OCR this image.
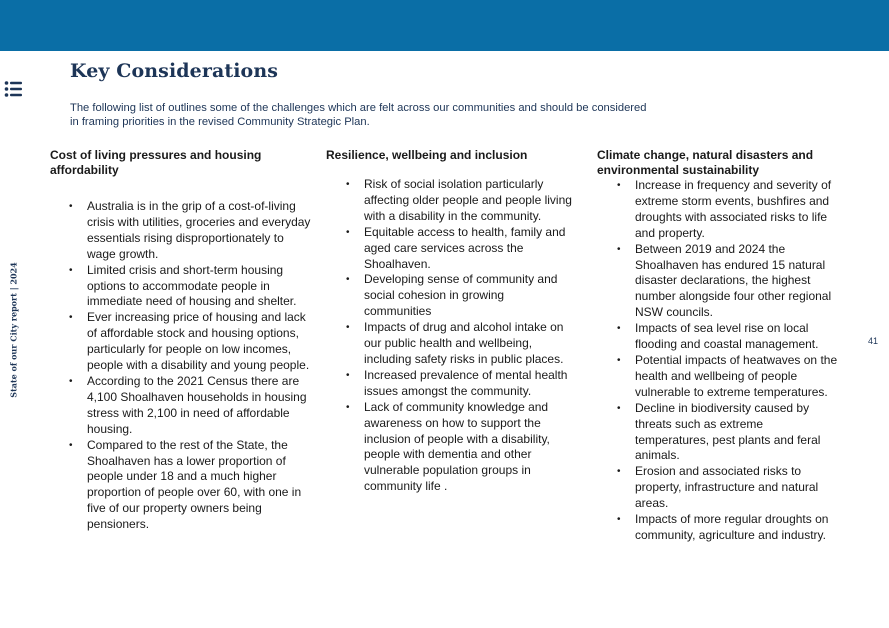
Key Considerations

The following list of outlines some of the challenges which are felt across our communities and should be considered in framing priorities in the revised Community Strategic Plan.

State of our City report | 2024	41
Cost of living pressures and housing affordability
• Australia is in the grip of a cost-of-living crisis with utilities, groceries and everyday essentials rising disproportionately to wage growth.
• Limited crisis and short-term housing options to accommodate people in immediate need of housing and shelter.
• Ever increasing price of housing and lack of affordable stock and housing options, particularly for people on low incomes, people with a disability and young people.
• According to the 2021 Census there are 4,100 Shoalhaven households in housing stress with 2,100 in need of affordable housing.
• Compared to the rest of the State, the Shoalhaven has a lower proportion of people under 18 and a much higher proportion of people over 60, with one in five of our property owners being pensioners.
Resilience, wellbeing and inclusion
• Risk of social isolation particularly affecting older people and people living with a disability in the community.
• Equitable access to health, family and aged care services across the Shoalhaven.
• Developing sense of community and social cohesion in growing communities
• Impacts of drug and alcohol intake on our public health and wellbeing, including safety risks in public places.
• Increased prevalence of mental health issues amongst the community.
• Lack of community knowledge and awareness on how to support the inclusion of people with a disability, people with dementia and other vulnerable population groups in community life .
Climate change, natural disasters and environmental sustainability
• Increase in frequency and severity of extreme storm events, bushfires and droughts with associated risks to life and property.
• Between 2019 and 2024 the Shoalhaven has endured 15 natural disaster declarations, the highest number alongside four other regional NSW councils.
• Impacts of sea level rise on local flooding and coastal management.
• Potential impacts of heatwaves on the health and wellbeing of people vulnerable to extreme temperatures.
• Decline in biodiversity caused by threats such as extreme temperatures, pest plants and feral animals.
• Erosion and associated risks to property, infrastructure and natural areas.
• Impacts of more regular droughts on community, agriculture and industry.
